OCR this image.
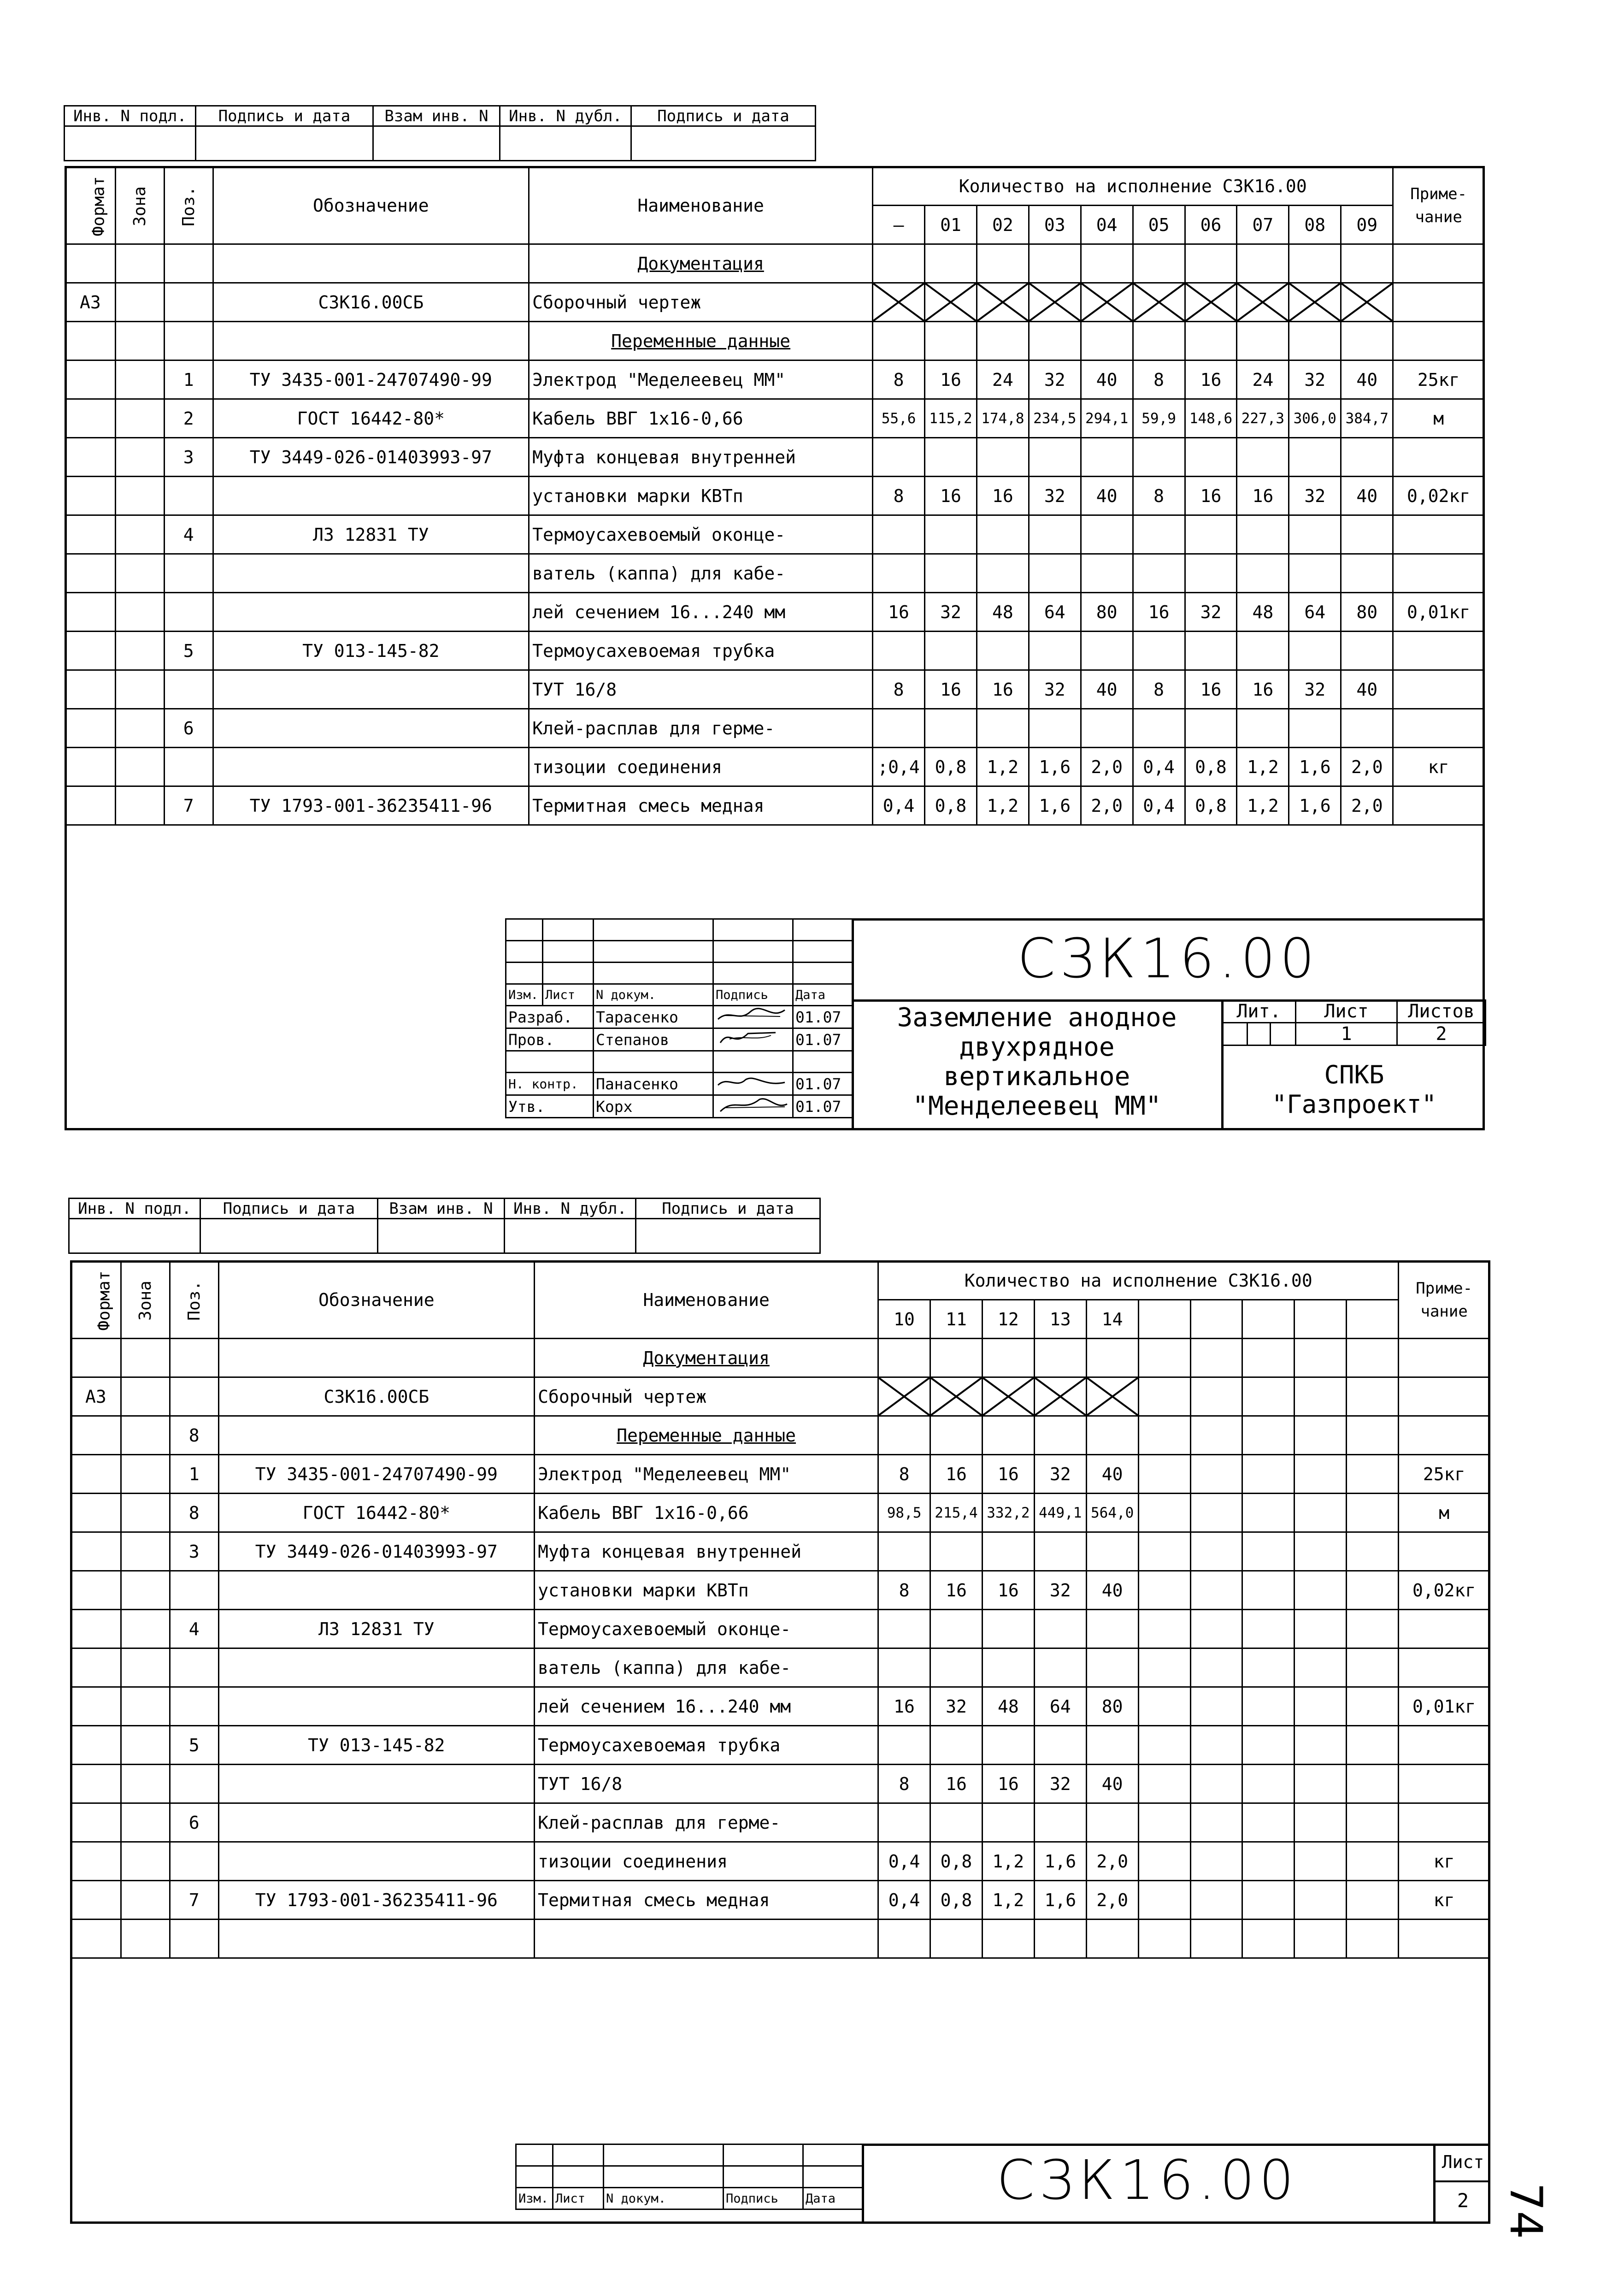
Инв. N подл.	Подпись и дата	Взам инв. N	Инв. N дубл.	Подпись и дата

Формат	Зона	Поз.	Обозначение	Наименование	Количество на исполнение СЗК16.00										Приме- чание
					—	01	02	03	04	05	06	07	08	09	
				Документация											
А3			СЗК16.00СБ	Сборочный чертеж	

				Переменные данные											
		1	ТУ 3435-001-24707490-99	Электрод "Меделеевец ММ"	8	16	24	32	40	8	16	24	32	40	25кг
		2	ГОСТ 16442-80*	Кабель ВВГ 1x16-0,66	55,6	115,2	174,8	234,5	294,1	59,9	148,6	227,3	306,0	384,7	м
		3	ТУ 3449-026-01403993-97	Муфта концевая внутренней											
				установки марки КВТп	8	16	16	32	40	8	16	16	32	40	0,02кг
		4	ЛЗ 12831 ТУ	Термоусахевоемый оконце-											
				ватель (каппа) для кабе-											
				лей сечением 16...240 мм	16	32	48	64	80	16	32	48	64	80	0,01кг
		5	ТУ 013-145-82	Термоусахевоемая трубка											
				ТУТ 16/8	8	16	16	32	40	8	16	16	32	40	
		6		Клей-расплав для герме-											
				тизоции соединения	;0,4	0,8	1,2	1,6	2,0	0,4	0,8	1,2	1,6	2,0	кг
		7	ТУ 1793-001-36235411-96	Термитная смесь медная	0,4	0,8	1,2	1,6	2,0	0,4	0,8	1,2	1,6	2,0	

Изм.	Лист	N докум.	Подпись	Дата
Разраб.		Тарасенко		01.07
Пров.		Степанов		01.07

Н. контр.		Панасенко		01.07
Утв.		Корх		01.07
СЗК16.00
Заземление анодное
двухрядное
вертикальное
"Менделеевец ММ"
Лит.			Лист	Листов
			1	2
СПКБ
"Газпроект"
Инв. N подл.	Подпись и дата	Взам инв. N	Инв. N дубл.	Подпись и дата

Формат	Зона	Поз.	Обозначение	Наименование	Количество на исполнение СЗК16.00										Приме- чание
					10	11	12	13	14						
				Документация											
А3			СЗК16.00СБ	Сборочный чертеж	

		8		Переменные данные											
		1	ТУ 3435-001-24707490-99	Электрод "Меделеевец ММ"	8	16	16	32	40						25кг
		8	ГОСТ 16442-80*	Кабель ВВГ 1x16-0,66	98,5	215,4	332,2	449,1	564,0						м
		3	ТУ 3449-026-01403993-97	Муфта концевая внутренней											
				установки марки КВТп	8	16	16	32	40						0,02кг
		4	ЛЗ 12831 ТУ	Термоусахевоемый оконце-											
				ватель (каппа) для кабе-											
				лей сечением 16...240 мм	16	32	48	64	80						0,01кг
		5	ТУ 013-145-82	Термоусахевоемая трубка											
				ТУТ 16/8	8	16	16	32	40						
		6		Клей-расплав для герме-											
				тизоции соединения	0,4	0,8	1,2	1,6	2,0						кг
		7	ТУ 1793-001-36235411-96	Термитная смесь медная	0,4	0,8	1,2	1,6	2,0						кг

Изм.	Лист	N докум.	Подпись	Дата	СЗК16.00	Лист
2 74
